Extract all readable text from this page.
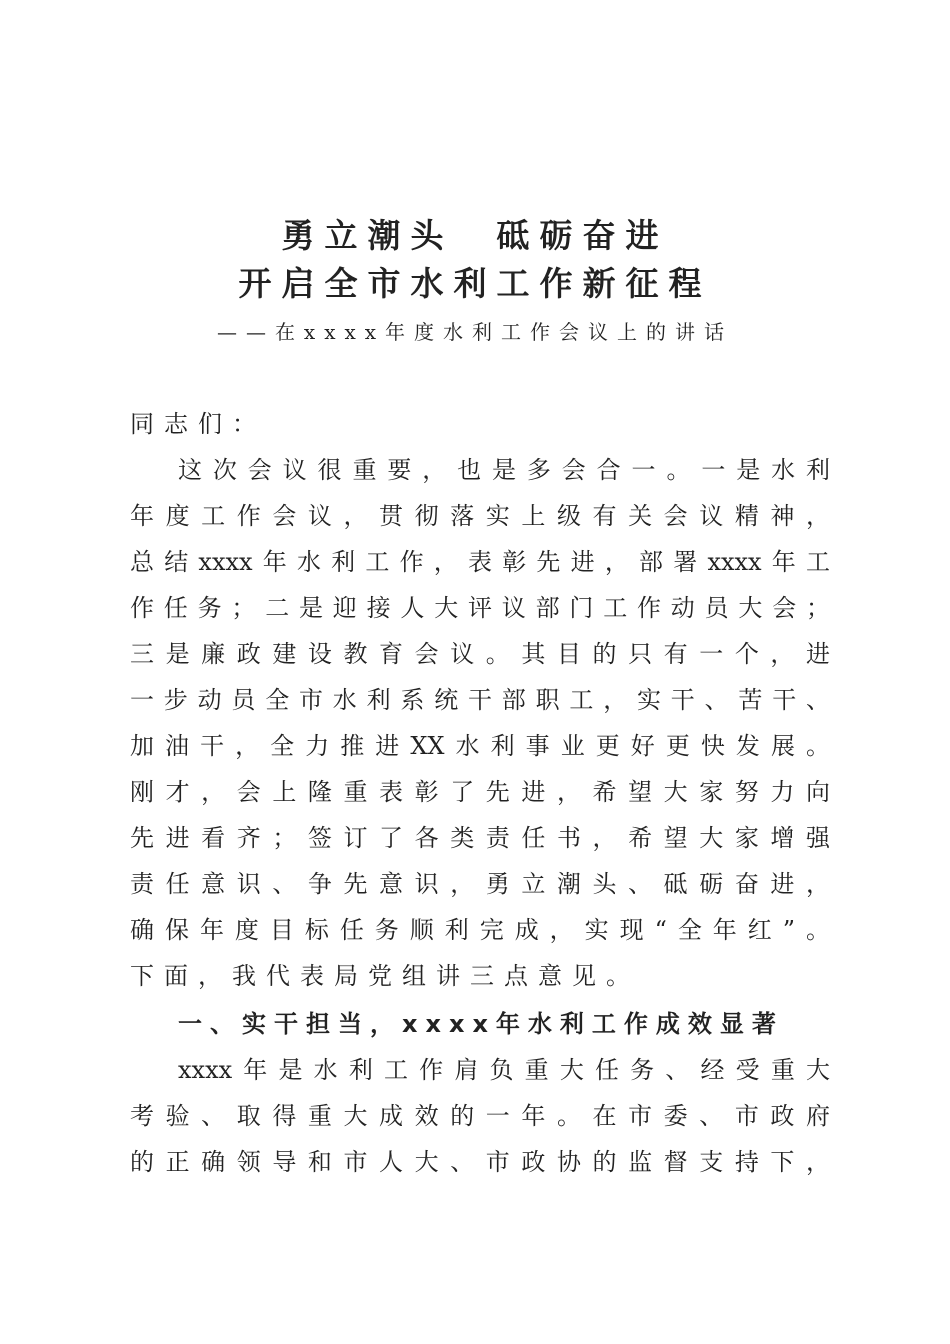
勇立潮头　砥砺奋进
开启全市水利工作新征程
——在xxxx年度水利工作会议上的讲话
同志们：
这次会议很重要，也是多会合一。一是水利
年度工作会议，贯彻落实上级有关会议精神，
总结xxxx年水利工作，表彰先进，部署xxxx年工
作任务；二是迎接人大评议部门工作动员大会；
三是廉政建设教育会议。其目的只有一个，进
一步动员全市水利系统干部职工，实干、苦干、
加油干，全力推进XX水利事业更好更快发展。
刚才，会上隆重表彰了先进，希望大家努力向
先进看齐；签订了各类责任书，希望大家增强
责任意识、争先意识，勇立潮头、砥砺奋进，
确保年度目标任务顺利完成，实现“全年红”。
下面，我代表局党组讲三点意见。
一、实干担当，xxxx年水利工作成效显著
xxxx年是水利工作肩负重大任务、经受重大
考验、取得重大成效的一年。在市委、市政府
的正确领导和市人大、市政协的监督支持下，
